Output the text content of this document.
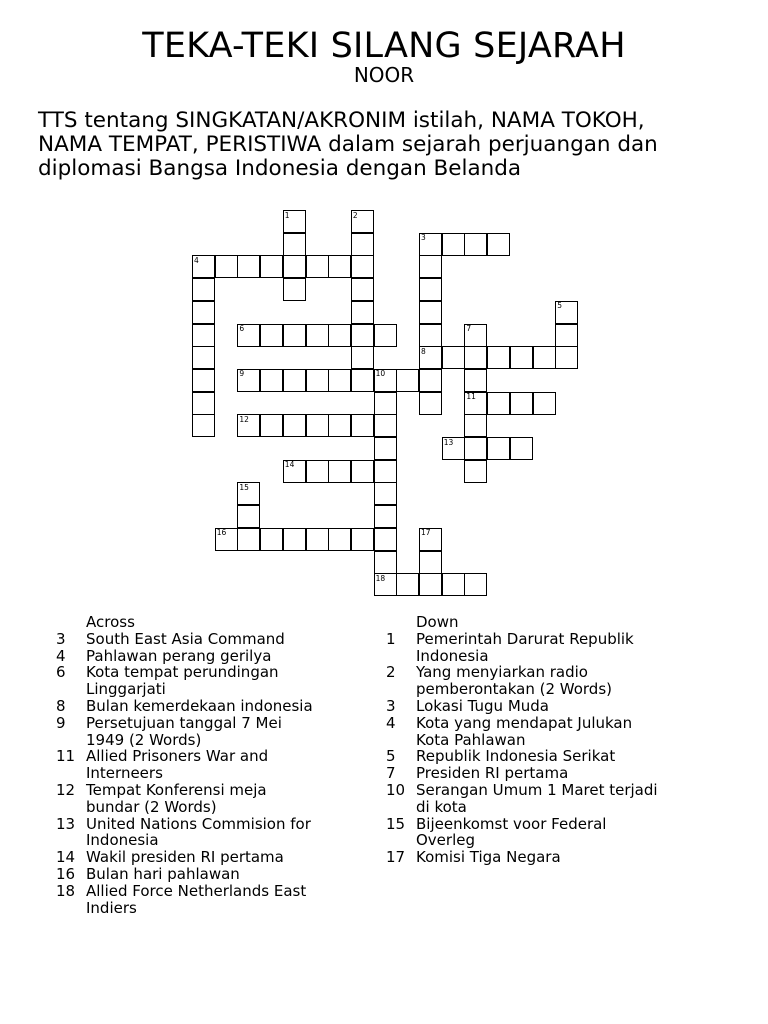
TEKA-TEKI SILANG SEJARAH
NOOR
TTS tentang SINGKATAN/AKRONIM istilah, NAMA TOKOH, NAMA TEMPAT, PERISTIWA dalam sejarah perjuangan dan diplomasi Bangsa Indonesia dengan Belanda
1	2
3
4
5
6	7
8
9	10
11
12
13
14
15
16	17
18
Across
3	South East Asia Command
4	Pahlawan perang gerilya
6	Kota tempat perundingan Linggarjati
8	Bulan kemerdekaan indonesia
9	Persetujuan tanggal 7 Mei 1949 (2 Words)
11 Allied Prisoners War and Interneers
12 Tempat Konferensi meja bundar (2 Words)
13 United Nations Commision for Indonesia
14 Wakil presiden RI pertama
16 Bulan hari pahlawan
18 Allied Force Netherlands East Indiers
Down
1	Pemerintah Darurat Republik Indonesia
2	Yang menyiarkan radio pemberontakan (2 Words)
3	Lokasi Tugu Muda
4	Kota yang mendapat Julukan Kota Pahlawan
5	Republik Indonesia Serikat
7	Presiden RI pertama
10 Serangan Umum 1 Maret terjadi di kota
15 Bijeenkomst voor Federal Overleg
17 Komisi Tiga Negara
